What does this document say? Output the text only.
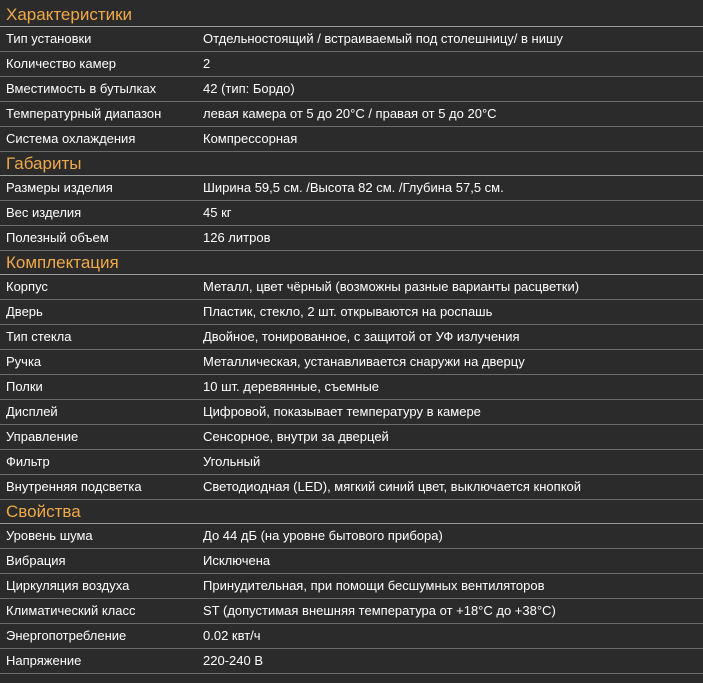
Характеристики
Тип установки	Отдельностоящий / встраиваемый под столешницу/ в нишу
Количество камер	2
Вместимость в бутылках	42 (тип: Бордо)
Температурный диапазон	левая камера от 5 до 20°С / правая от 5 до 20°С
Система охлаждения	Компрессорная
Габариты
Размеры изделия	Ширина 59,5 см. /Высота 82 см. /Глубина 57,5 см.
Вес изделия	45 кг
Полезный объем	126 литров
Комплектация
Корпус	Металл, цвет чёрный (возможны разные варианты расцветки)
Дверь	Пластик, стекло, 2 шт. открываются на роспашь
Тип стекла	Двойное, тонированное, с защитой от УФ излучения
Ручка	Металлическая, устанавливается снаружи на дверцу
Полки	10 шт. деревянные, съемные
Дисплей	Цифровой, показывает температуру в камере
Управление	Сенсорное, внутри за дверцей
Фильтр	Угольный
Внутренняя подсветка	Светодиодная (LED), мягкий синий цвет, выключается кнопкой
Свойства
Уровень шума	До 44 дБ (на уровне бытового прибора)
Вибрация	Исключена
Циркуляция воздуха	Принудительная, при помощи бесшумных вентиляторов
Климатический класс	ST (допустимая внешняя температура от +18°С до +38°С)
Энергопотребление	0.02 квт/ч
Напряжение	220-240 В
